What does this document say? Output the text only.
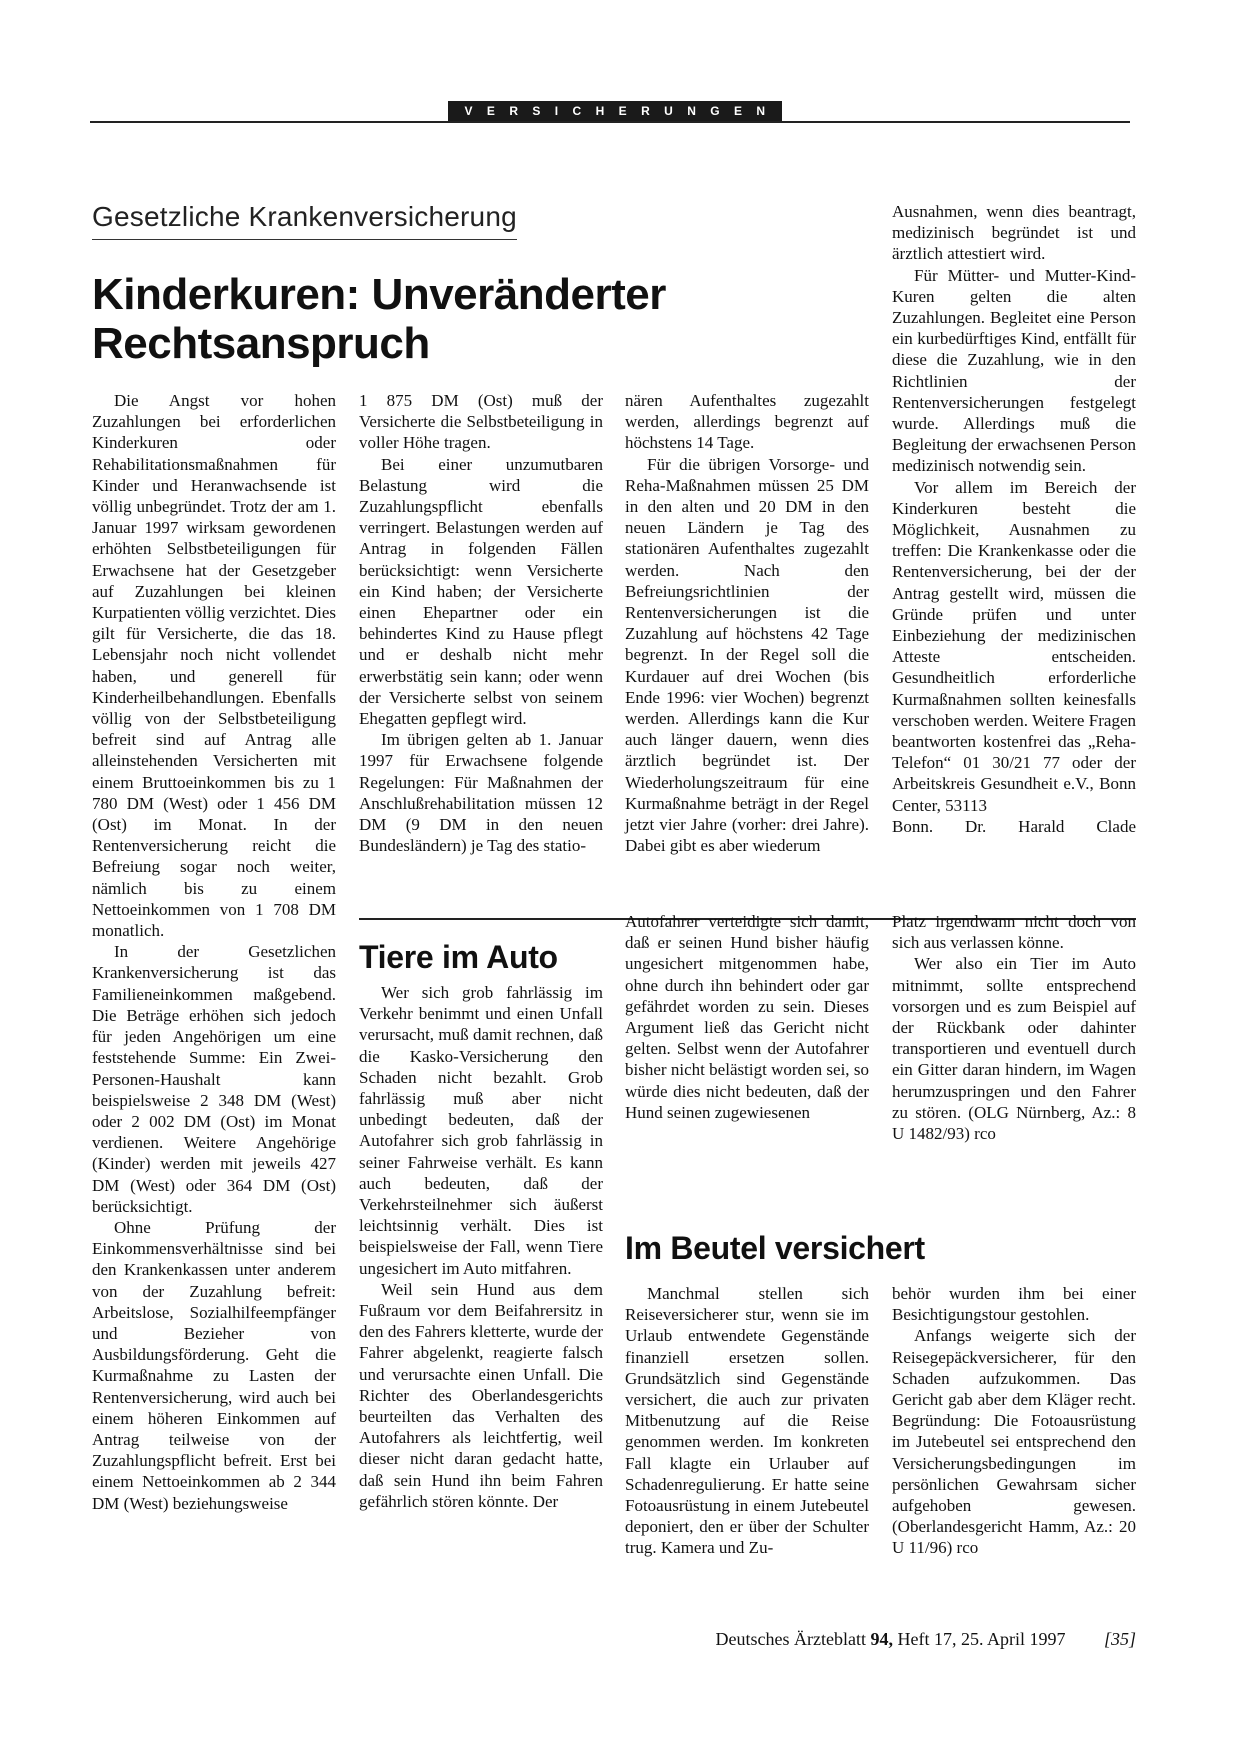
VERSICHERUNGEN
Gesetzliche Krankenversicherung
Kinderkuren: Unveränderter Rechtsanspruch

Die Angst vor hohen Zuzahlungen bei erforderlichen Kinderkuren oder Rehabilitationsmaßnahmen für Kinder und Heranwachsende ist völlig unbegründet. Trotz der am 1. Januar 1997 wirksam gewordenen erhöhten Selbstbeteiligungen für Erwachsene hat der Gesetzgeber auf Zuzahlungen bei kleinen Kurpatienten völlig verzichtet. Dies gilt für Versicherte, die das 18. Lebensjahr noch nicht vollendet haben, und generell für Kinderheilbehandlungen. Ebenfalls völlig von der Selbstbeteiligung befreit sind auf Antrag alle alleinstehenden Versicherten mit einem Bruttoeinkommen bis zu 1 780 DM (West) oder 1 456 DM (Ost) im Monat. In der Rentenversicherung reicht die Befreiung sogar noch weiter, nämlich bis zu einem Nettoeinkommen von 1 708 DM monatlich.

In der Gesetzlichen Krankenversicherung ist das Familieneinkommen maßgebend. Die Beträge erhöhen sich jedoch für jeden Angehörigen um eine feststehende Summe: Ein Zwei-Personen-Haushalt kann beispielsweise 2 348 DM (West) oder 2 002 DM (Ost) im Monat verdienen. Weitere Angehörige (Kinder) werden mit jeweils 427 DM (West) oder 364 DM (Ost) berücksichtigt.

Ohne Prüfung der Einkommensverhältnisse sind bei den Krankenkassen unter anderem von der Zuzahlung befreit: Arbeitslose, Sozialhilfeempfänger und Bezieher von Ausbildungsförderung. Geht die Kurmaßnahme zu Lasten der Rentenversicherung, wird auch bei einem höheren Einkommen auf Antrag teilweise von der Zuzahlungspflicht befreit. Erst bei einem Nettoeinkommen ab 2 344 DM (West) beziehungsweise

1 875 DM (Ost) muß der Versicherte die Selbstbeteiligung in voller Höhe tragen.

Bei einer unzumutbaren Belastung wird die Zuzahlungspflicht ebenfalls verringert. Belastungen werden auf Antrag in folgenden Fällen berücksichtigt: wenn Versicherte ein Kind haben; der Versicherte einen Ehepartner oder ein behindertes Kind zu Hause pflegt und er deshalb nicht mehr erwerbstätig sein kann; oder wenn der Versicherte selbst von seinem Ehegatten gepflegt wird.

Im übrigen gelten ab 1. Januar 1997 für Erwachsene folgende Regelungen: Für Maßnahmen der Anschlußrehabilitation müssen 12 DM (9 DM in den neuen Bundesländern) je Tag des statio-

nären Aufenthaltes zugezahlt werden, allerdings begrenzt auf höchstens 14 Tage.

Für die übrigen Vorsorge- und Reha-Maßnahmen müssen 25 DM in den alten und 20 DM in den neuen Ländern je Tag des stationären Aufenthaltes zugezahlt werden. Nach den Befreiungsrichtlinien der Rentenversicherungen ist die Zuzahlung auf höchstens 42 Tage begrenzt. In der Regel soll die Kurdauer auf drei Wochen (bis Ende 1996: vier Wochen) begrenzt werden. Allerdings kann die Kur auch länger dauern, wenn dies ärztlich begründet ist. Der Wiederholungszeitraum für eine Kurmaßnahme beträgt in der Regel jetzt vier Jahre (vorher: drei Jahre). Dabei gibt es aber wiederum

Ausnahmen, wenn dies beantragt, medizinisch begründet ist und ärztlich attestiert wird.

Für Mütter- und Mutter-Kind-Kuren gelten die alten Zuzahlungen. Begleitet eine Person ein kurbedürftiges Kind, entfällt für diese die Zuzahlung, wie in den Richtlinien der Rentenversicherungen festgelegt wurde. Allerdings muß die Begleitung der erwachsenen Person medizinisch notwendig sein.

Vor allem im Bereich der Kinderkuren besteht die Möglichkeit, Ausnahmen zu treffen: Die Krankenkasse oder die Rentenversicherung, bei der der Antrag gestellt wird, müssen die Gründe prüfen und unter Einbeziehung der medizinischen Atteste entscheiden. Gesundheitlich erforderliche Kurmaßnahmen sollten keinesfalls verschoben werden. Weitere Fragen beantworten kostenfrei das „Reha-Telefon“ 01 30/21 77 oder der Arbeitskreis Gesundheit e.V., Bonn Center, 53113

Bonn. Dr. Harald Clade

Tiere im Auto

Wer sich grob fahrlässig im Verkehr benimmt und einen Unfall verursacht, muß damit rechnen, daß die Kasko-Versicherung den Schaden nicht bezahlt. Grob fahrlässig muß aber nicht unbedingt bedeuten, daß der Autofahrer sich grob fahrlässig in seiner Fahrweise verhält. Es kann auch bedeuten, daß der Verkehrsteilnehmer sich äußerst leichtsinnig verhält. Dies ist beispielsweise der Fall, wenn Tiere ungesichert im Auto mitfahren.

Weil sein Hund aus dem Fußraum vor dem Beifahrersitz in den des Fahrers kletterte, wurde der Fahrer abgelenkt, reagierte falsch und verursachte einen Unfall. Die Richter des Oberlandesgerichts beurteilten das Verhalten des Autofahrers als leichtfertig, weil dieser nicht daran gedacht hatte, daß sein Hund ihn beim Fahren gefährlich stören könnte. Der

Autofahrer verteidigte sich damit, daß er seinen Hund bisher häufig ungesichert mitgenommen habe, ohne durch ihn behindert oder gar gefährdet worden zu sein. Dieses Argument ließ das Gericht nicht gelten. Selbst wenn der Autofahrer bisher nicht belästigt worden sei, so würde dies nicht bedeuten, daß der Hund seinen zugewiesenen

Platz irgendwann nicht doch von sich aus verlassen könne.

Wer also ein Tier im Auto mitnimmt, sollte entsprechend vorsorgen und es zum Beispiel auf der Rückbank oder dahinter transportieren und eventuell durch ein Gitter daran hindern, im Wagen herumzuspringen und den Fahrer zu stören. (OLG Nürnberg, Az.: 8 U 1482/93) rco

Im Beutel versichert

Manchmal stellen sich Reiseversicherer stur, wenn sie im Urlaub entwendete Gegenstände finanziell ersetzen sollen. Grundsätzlich sind Gegenstände versichert, die auch zur privaten Mitbenutzung auf die Reise genommen werden. Im konkreten Fall klagte ein Urlauber auf Schadenregulierung. Er hatte seine Fotoausrüstung in einem Jutebeutel deponiert, den er über der Schulter trug. Kamera und Zu-

behör wurden ihm bei einer Besichtigungstour gestohlen.

Anfangs weigerte sich der Reisegepäckversicherer, für den Schaden aufzukommen. Das Gericht gab aber dem Kläger recht. Begründung: Die Fotoausrüstung im Jutebeutel sei entsprechend den Versicherungsbedingungen im persönlichen Gewahrsam sicher aufgehoben gewesen. (Oberlandesgericht Hamm, Az.: 20 U 11/96) rco

Deutsches Ärzteblatt 94, Heft 17, 25. April 1997 [35]
